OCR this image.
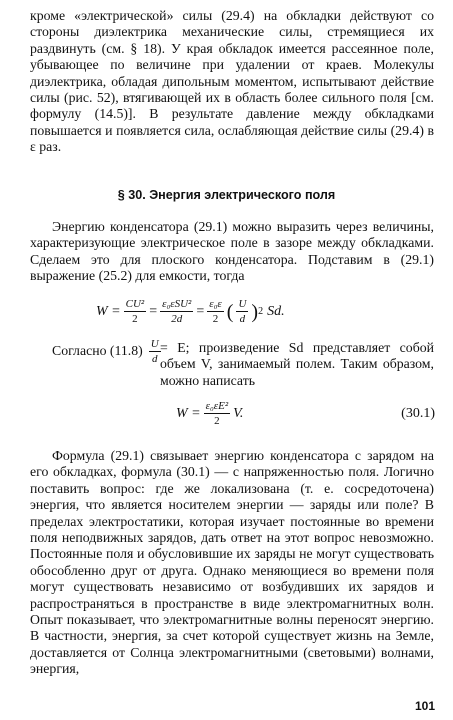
кроме «электрической» силы (29.4) на обкладки действуют со стороны диэлектрика механические силы, стремящиеся их раздвинуть (см. § 18). У края обкладок имеется рассеянное поле, убывающее по величине при удалении от краев. Молекулы диэлектрика, обладая дипольным моментом, испытывают действие силы (рис. 52), втягивающей их в область более сильного поля [см. формулу (14.5)]. В результате давление между обкладками повышается и появляется сила, ослабляющая действие силы (29.4) в ε раз.

§ 30. Энергия электрического поля

Энергию конденсатора (29.1) можно выразить через величины, характеризующие электрическое поле в зазоре между обкладками. Сделаем это для плоского конденсатора. Подставим в (29.1) выражение (25.2) для емкости, тогда

$W = \frac{\text{CU²}}{2} = \frac{\text{ε₀εSU²}}{2d} = \frac{\text{ε₀ε}}{2}$ ( $\frac{U}{d}$ ) 2 Sd.
Согласно $(11.8) \frac{U}{d} = E$; произведение Sd представляет собой объем V, занимаемый полем. Таким образом, можно написать

$W = \frac{\text{ε₀εE²}}{2} V$.	(30.1)

Формула (29.1) связывает энергию конденсатора с зарядом на его обкладках, формула (30.1) — с напряженностью поля. Логично поставить вопрос: где же локализована (т. е. сосредоточена) энергия, что является носителем энергии — заряды или поле? В пределах электростатики, которая изучает постоянные во времени поля неподвижных зарядов, дать ответ на этот вопрос невозможно. Постоянные поля и обусловившие их заряды не могут существовать обособленно друг от друга. Однако меняющиеся во времени поля могут существовать независимо от возбудивших их зарядов и распространяться в пространстве в виде электромагнитных волн. Опыт показывает, что электромагнитные волны переносят энергию. В частности, энергия, за счет которой существует жизнь на Земле, доставляется от Солнца электромагнитными (световыми) волнами, энергия,

101
